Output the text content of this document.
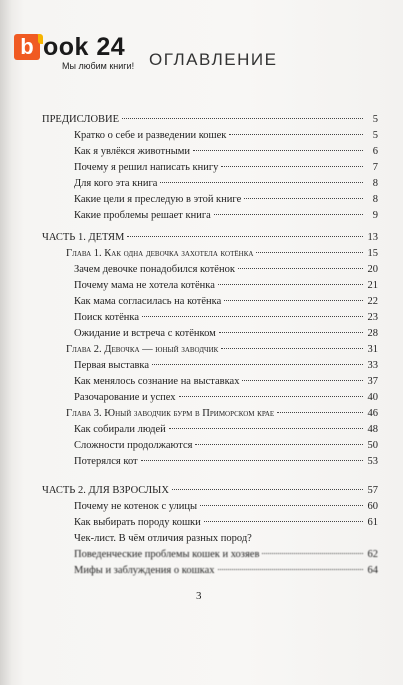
b ook 24
Мы любим книги! ОГЛАВЛЕНИЕ
ПРЕДИСЛОВИЕ	5
Кратко о себе и разведении кошек	5
Как я увлёкся животными	6
Почему я решил написать книгу	7
Для кого эта книга	8
Какие цели я преследую в этой книге	8
Какие проблемы решает книга	9
ЧАСТЬ 1. ДЕТЯМ	13
Глава 1. Как одна девочка захотела котёнка	15
Зачем девочке понадобился котёнок	20
Почему мама не хотела котёнка	21
Как мама согласилась на котёнка	22
Поиск котёнка	23
Ожидание и встреча с котёнком	28
Глава 2. Девочка — юный заводчик	31
Первая выставка	33
Как менялось сознание на выставках	37
Разочарование и успех	40
Глава 3. Юный заводчик бурм в Приморском крае	46
Как собирали людей	48
Сложности продолжаются	50
Потерялся кот	53
ЧАСТЬ 2. ДЛЯ ВЗРОСЛЫХ	57
Почему не котенок с улицы	60
Как выбирать породу кошки	61
Чек-лист. В чём отличия разных пород?
Поведенческие проблемы кошек и хозяев	62
Мифы и заблуждения о кошках	64
3
